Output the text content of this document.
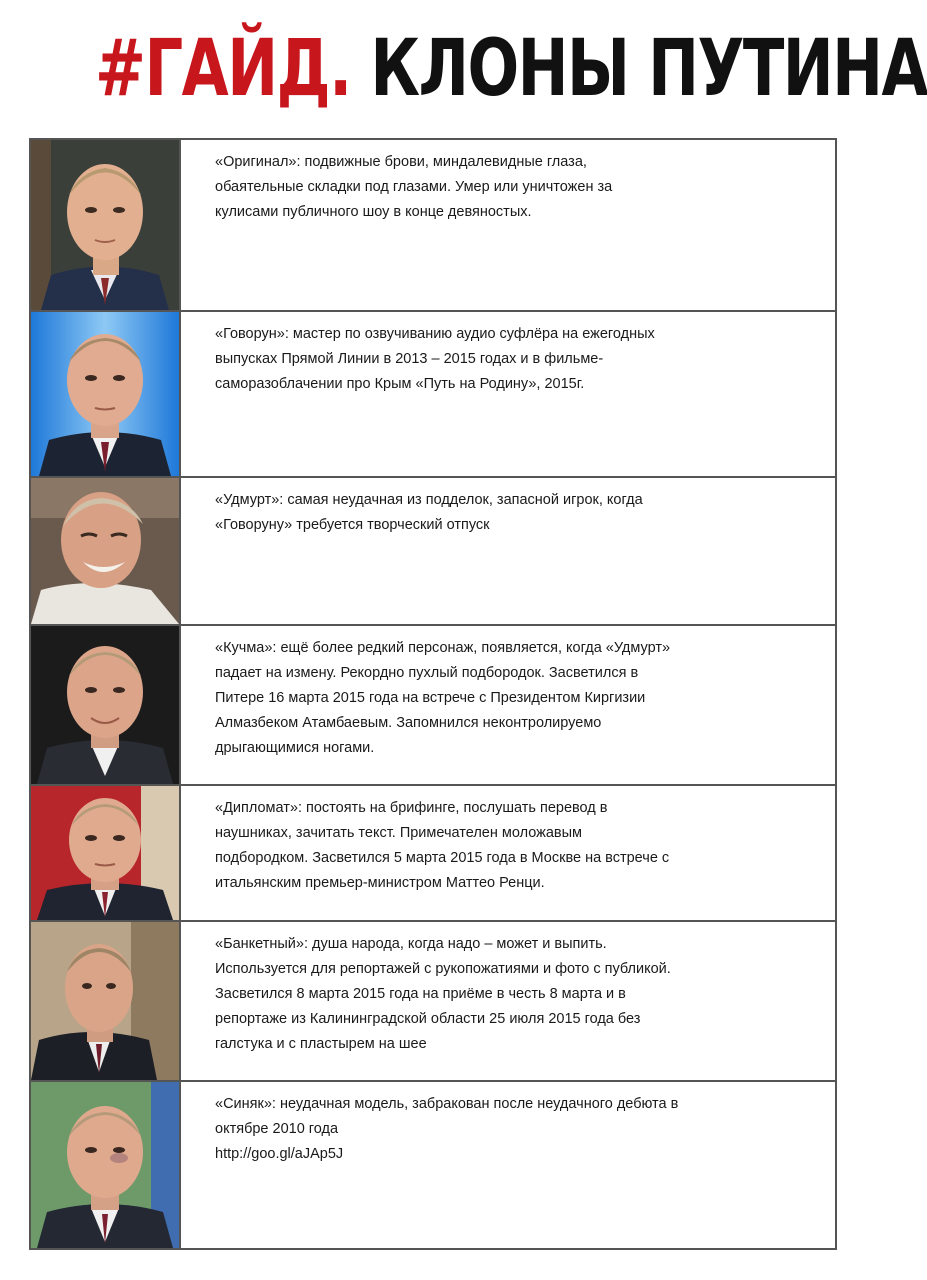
#ГАЙД. КЛОНЫ ПУТИНА
«Оригинал»: подвижные брови, миндалевидные глаза,
обаятельные складки под глазами. Умер или уничтожен за
кулисами публичного шоу в конце девяностых.
«Говорун»: мастер по озвучиванию аудио суфлёра на ежегодных
выпусках Прямой Линии в 2013 – 2015 годах и в фильме-
саморазоблачении про Крым «Путь на Родину», 2015г.
«Удмурт»: самая неудачная из подделок, запасной игрок, когда
«Говоруну» требуется творческий отпуск
«Кучма»: ещё более редкий персонаж, появляется, когда «Удмурт»
падает на измену. Рекордно пухлый подбородок. Засветился в
Питере 16 марта 2015 года на встрече с Президентом Киргизии
Алмазбеком Атамбаевым. Запомнился неконтролируемо
дрыгающимися ногами.
«Дипломат»: постоять на брифинге, послушать перевод в
наушниках, зачитать текст. Примечателен моложавым
подбородком. Засветился 5 марта 2015 года в Москве на встрече с
итальянским премьер-министром Маттео Ренци.
«Банкетный»: душа народа, когда надо – может и выпить.
Используется для репортажей с рукопожатиями и фото с публикой.
Засветился 8 марта 2015 года на приёме в честь 8 марта и в
репортаже из Калининградской области 25 июля 2015 года без
галстука и с пластырем на шее
«Синяк»: неудачная модель, забракован после неудачного дебюта в
октябре 2010 года
http://goo.gl/aJAp5J
